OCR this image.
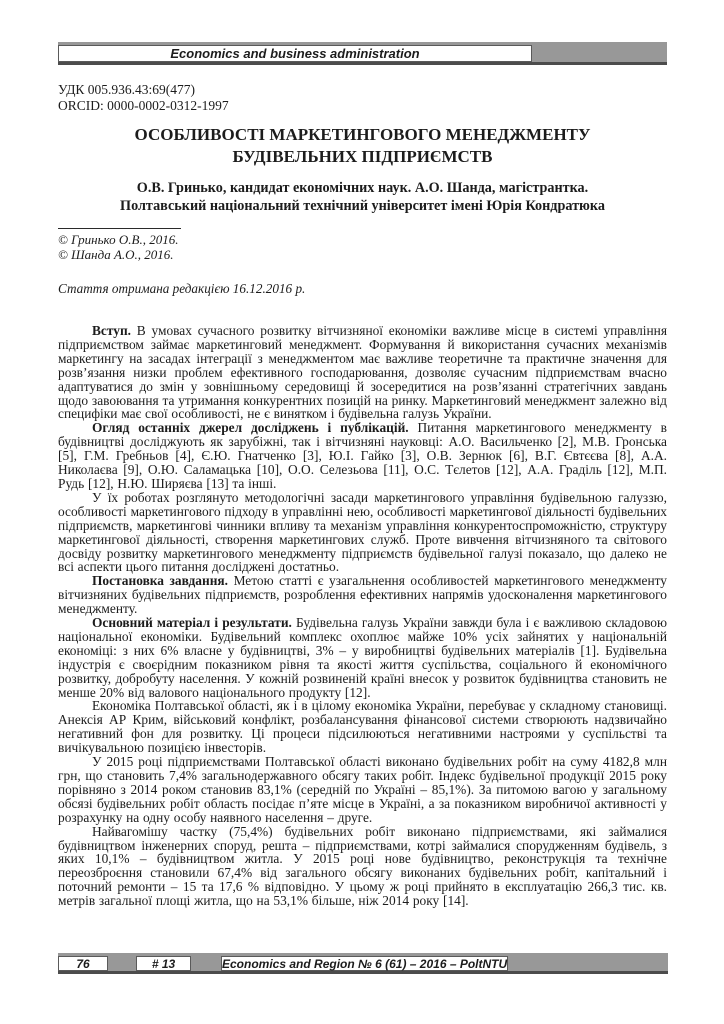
Economics and business administration
УДК 005.936.43:69(477)
ORCID: 0000-0002-0312-1997
ОСОБЛИВОСТІ МАРКЕТИНГОВОГО МЕНЕДЖМЕНТУ
БУДІВЕЛЬНИХ ПІДПРИЄМСТВ
О.В. Гринько, кандидат економічних наук. А.О. Шанда, магістрантка.
Полтавський національний технічний університет імені Юрія Кондратюка
© Гринько О.В., 2016.
© Шанда А.О., 2016.
Стаття отримана редакцією 16.12.2016 р.

Вступ. В умовах сучасного розвитку вітчизняної економіки важливе місце в системі управління підприємством займає маркетинговий менеджмент. Формування й використання сучасних механізмів маркетингу на засадах інтеграції з менеджментом має важливе теоретичне та практичне значення для розв’язання низки проблем ефективного господарювання, дозволяє сучасним підприємствам вчасно адаптуватися до змін у зовнішньому середовищі й зосередитися на розв’язанні стратегічних завдань щодо завоювання та утримання конкурентних позицій на ринку. Маркетинговий менеджмент залежно від специфіки має свої особливості, не є винятком і будівельна галузь України.

Огляд останніх джерел досліджень і публікацій. Питання маркетингового менеджменту в будівництві досліджують як зарубіжні, так і вітчизняні науковці: А.О. Васильченко [2], М.В. Гронська [5], Г.М. Гребньов [4], Є.Ю. Гнатченко [3], Ю.І. Гайко [3], О.В. Зернюк [6], В.Г. Євтєєва [8], А.А. Николаєва [9], О.Ю. Саламацька [10], О.О. Селезьова [11], О.С. Тєлетов [12], А.А. Граділь [12], М.П. Рудь [12], Н.Ю. Ширяєва [13] та інші.

У їх роботах розглянуто методологічні засади маркетингового управління будівельною галуззю, особливості маркетингового підходу в управлінні нею, особливості маркетингової діяльності будівельних підприємств, маркетингові чинники впливу та механізм управління конкурентоспроможністю, структуру маркетингової діяльності, створення маркетингових служб. Проте вивчення вітчизняного та світового досвіду розвитку маркетингового менеджменту підприємств будівельної галузі показало, що далеко не всі аспекти цього питання досліджені достатньо.

Постановка завдання. Метою статті є узагальнення особливостей маркетингового менеджменту вітчизняних будівельних підприємств, розроблення ефективних напрямів удосконалення маркетингового менеджменту.

Основний матеріал і результати. Будівельна галузь України завжди була і є важливою складовою національної економіки. Будівельний комплекс охоплює майже 10% усіх зайнятих у національній економіці: з них 6% власне у будівництві, 3% – у виробництві будівельних матеріалів [1]. Будівельна індустрія є своєрідним показником рівня та якості життя суспільства, соціального й економічного розвитку, добробуту населення. У кожній розвиненій країні внесок у розвиток будівництва становить не менше 20% від валового національного продукту [12].

Економіка Полтавської області, як і в цілому економіка України, перебуває у складному становищі. Анексія АР Крим, військовий конфлікт, розбалансування фінансової системи створюють надзвичайно негативний фон для розвитку. Ці процеси підсилюються негативними настроями у суспільстві та вичікувальною позицією інвесторів.

У 2015 році підприємствами Полтавської області виконано будівельних робіт на суму 4182,8 млн грн, що становить 7,4% загальнодержавного обсягу таких робіт. Індекс будівельної продукції 2015 року порівняно з 2014 роком становив 83,1% (середній по Україні – 85,1%). За питомою вагою у загальному обсязі будівельних робіт область посідає п’яте місце в Україні, а за показником виробничої активності у розрахунку на одну особу наявного населення – друге.

Найвагомішу частку (75,4%) будівельних робіт виконано підприємствами, які займалися будівництвом інженерних споруд, решта – підприємствами, котрі займалися спорудженням будівель, з яких 10,1% – будівництвом житла. У 2015 році нове будівництво, реконструкція та технічне переозброєння становили 67,4% від загального обсягу виконаних будівельних робіт, капітальний і поточний ремонти – 15 та 17,6 % відповідно. У цьому ж році прийнято в експлуатацію 266,3 тис. кв. метрів загальної площі житла, що на 53,1% більше, ніж 2014 року [14].

76	# 13	Economics and Region № 6 (61) – 2016 – PoltNTU
